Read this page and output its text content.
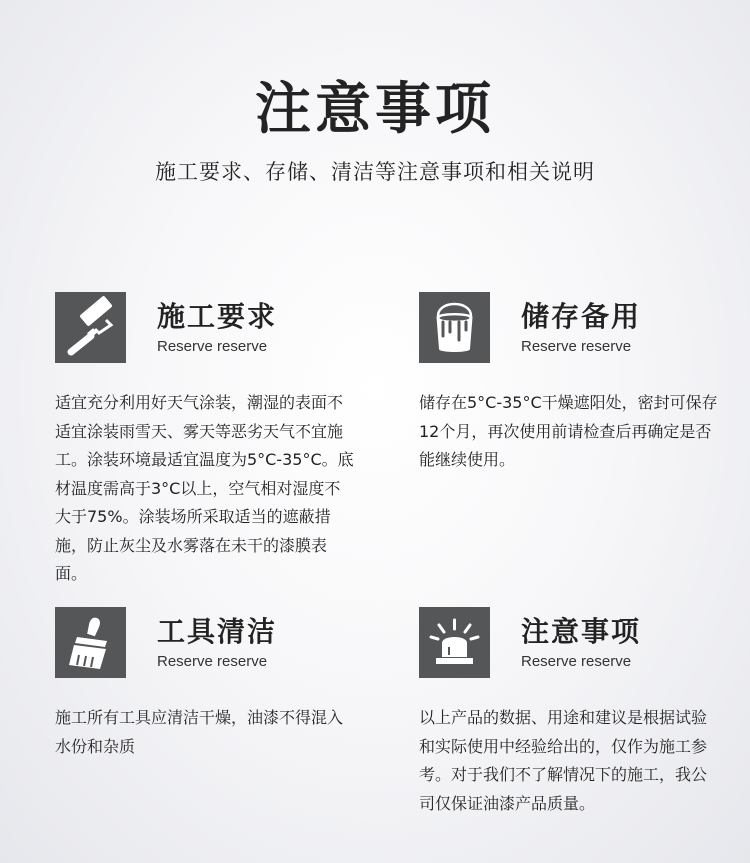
注意事项
施工要求、存储、清洁等注意事项和相关说明
施工要求
Reserve reserve
适宜充分利用好天气涂装，潮湿的表面不适宜涂装雨雪天、雾天等恶劣天气不宜施工。涂装环境最适宜温度为5°C-35°C。底材温度需高于3°C以上，空气相对湿度不大于75%。涂装场所采取适当的遮蔽措施，防止灰尘及水雾落在未干的漆膜表面。
储存备用
Reserve reserve
储存在5°C-35°C干燥遮阳处，密封可保存12个月，再次使用前请检查后再确定是否能继续使用。
工具清洁
Reserve reserve
施工所有工具应清洁干燥，油漆不得混入水份和杂质
注意事项
Reserve reserve
以上产品的数据、用途和建议是根据试验和实际使用中经验给出的，仅作为施工参考。对于我们不了解情况下的施工，我公司仅保证油漆产品质量。
